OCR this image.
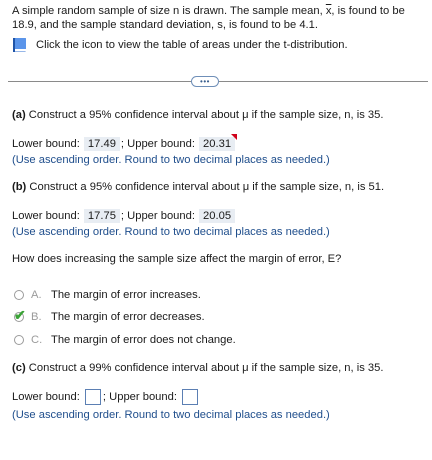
A simple random sample of size n is drawn. The sample mean, $\overline{x}$, is found to be 18.9, and the sample standard deviation, s, is found to be 4.1.
Click the icon to view the table of areas under the t-distribution.
•••
(a) Construct a 95% confidence interval about μ if the sample size, n, is 35.
Lower bound: 17.49 ; Upper bound: 20.31
(Use ascending order. Round to two decimal places as needed.)
(b) Construct a 95% confidence interval about μ if the sample size, n, is 51.
Lower bound: 17.75 ; Upper bound: 20.05
(Use ascending order. Round to two decimal places as needed.)
How does increasing the sample size affect the margin of error, E?
A. The margin of error increases.
✔ B. The margin of error decreases.
C. The margin of error does not change.
(c) Construct a 99% confidence interval about μ if the sample size, n, is 35.
Lower bound: ; Upper bound:
(Use ascending order. Round to two decimal places as needed.)
